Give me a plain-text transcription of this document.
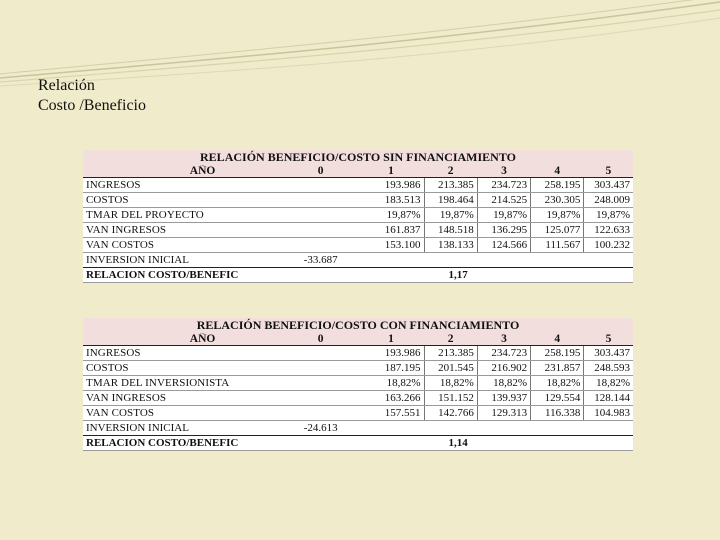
Relación
Costo /Beneficio
RELACIÓN BENEFICIO/COSTO SIN FINANCIAMIENTO						
AÑO	0	1	2	3	4	5
INGRESOS		193.986	213.385	234.723	258.195	303.437
COSTOS		183.513	198.464	214.525	230.305	248.009
TMAR DEL PROYECTO		19,87%	19,87%	19,87%	19,87%	19,87%
VAN INGRESOS		161.837	148.518	136.295	125.077	122.633
VAN COSTOS		153.100	138.133	124.566	111.567	100.232
INVERSION INICIAL	-33.687					
RELACION COSTO/BENEFIC	1,17					
RELACIÓN BENEFICIO/COSTO CON FINANCIAMIENTO						
AÑO	0	1	2	3	4	5
INGRESOS		193.986	213.385	234.723	258.195	303.437
COSTOS		187.195	201.545	216.902	231.857	248.593
TMAR DEL INVERSIONISTA		18,82%	18,82%	18,82%	18,82%	18,82%
VAN INGRESOS		163.266	151.152	139.937	129.554	128.144
VAN COSTOS		157.551	142.766	129.313	116.338	104.983
INVERSION INICIAL	-24.613					
RELACION COSTO/BENEFIC	1,14					
